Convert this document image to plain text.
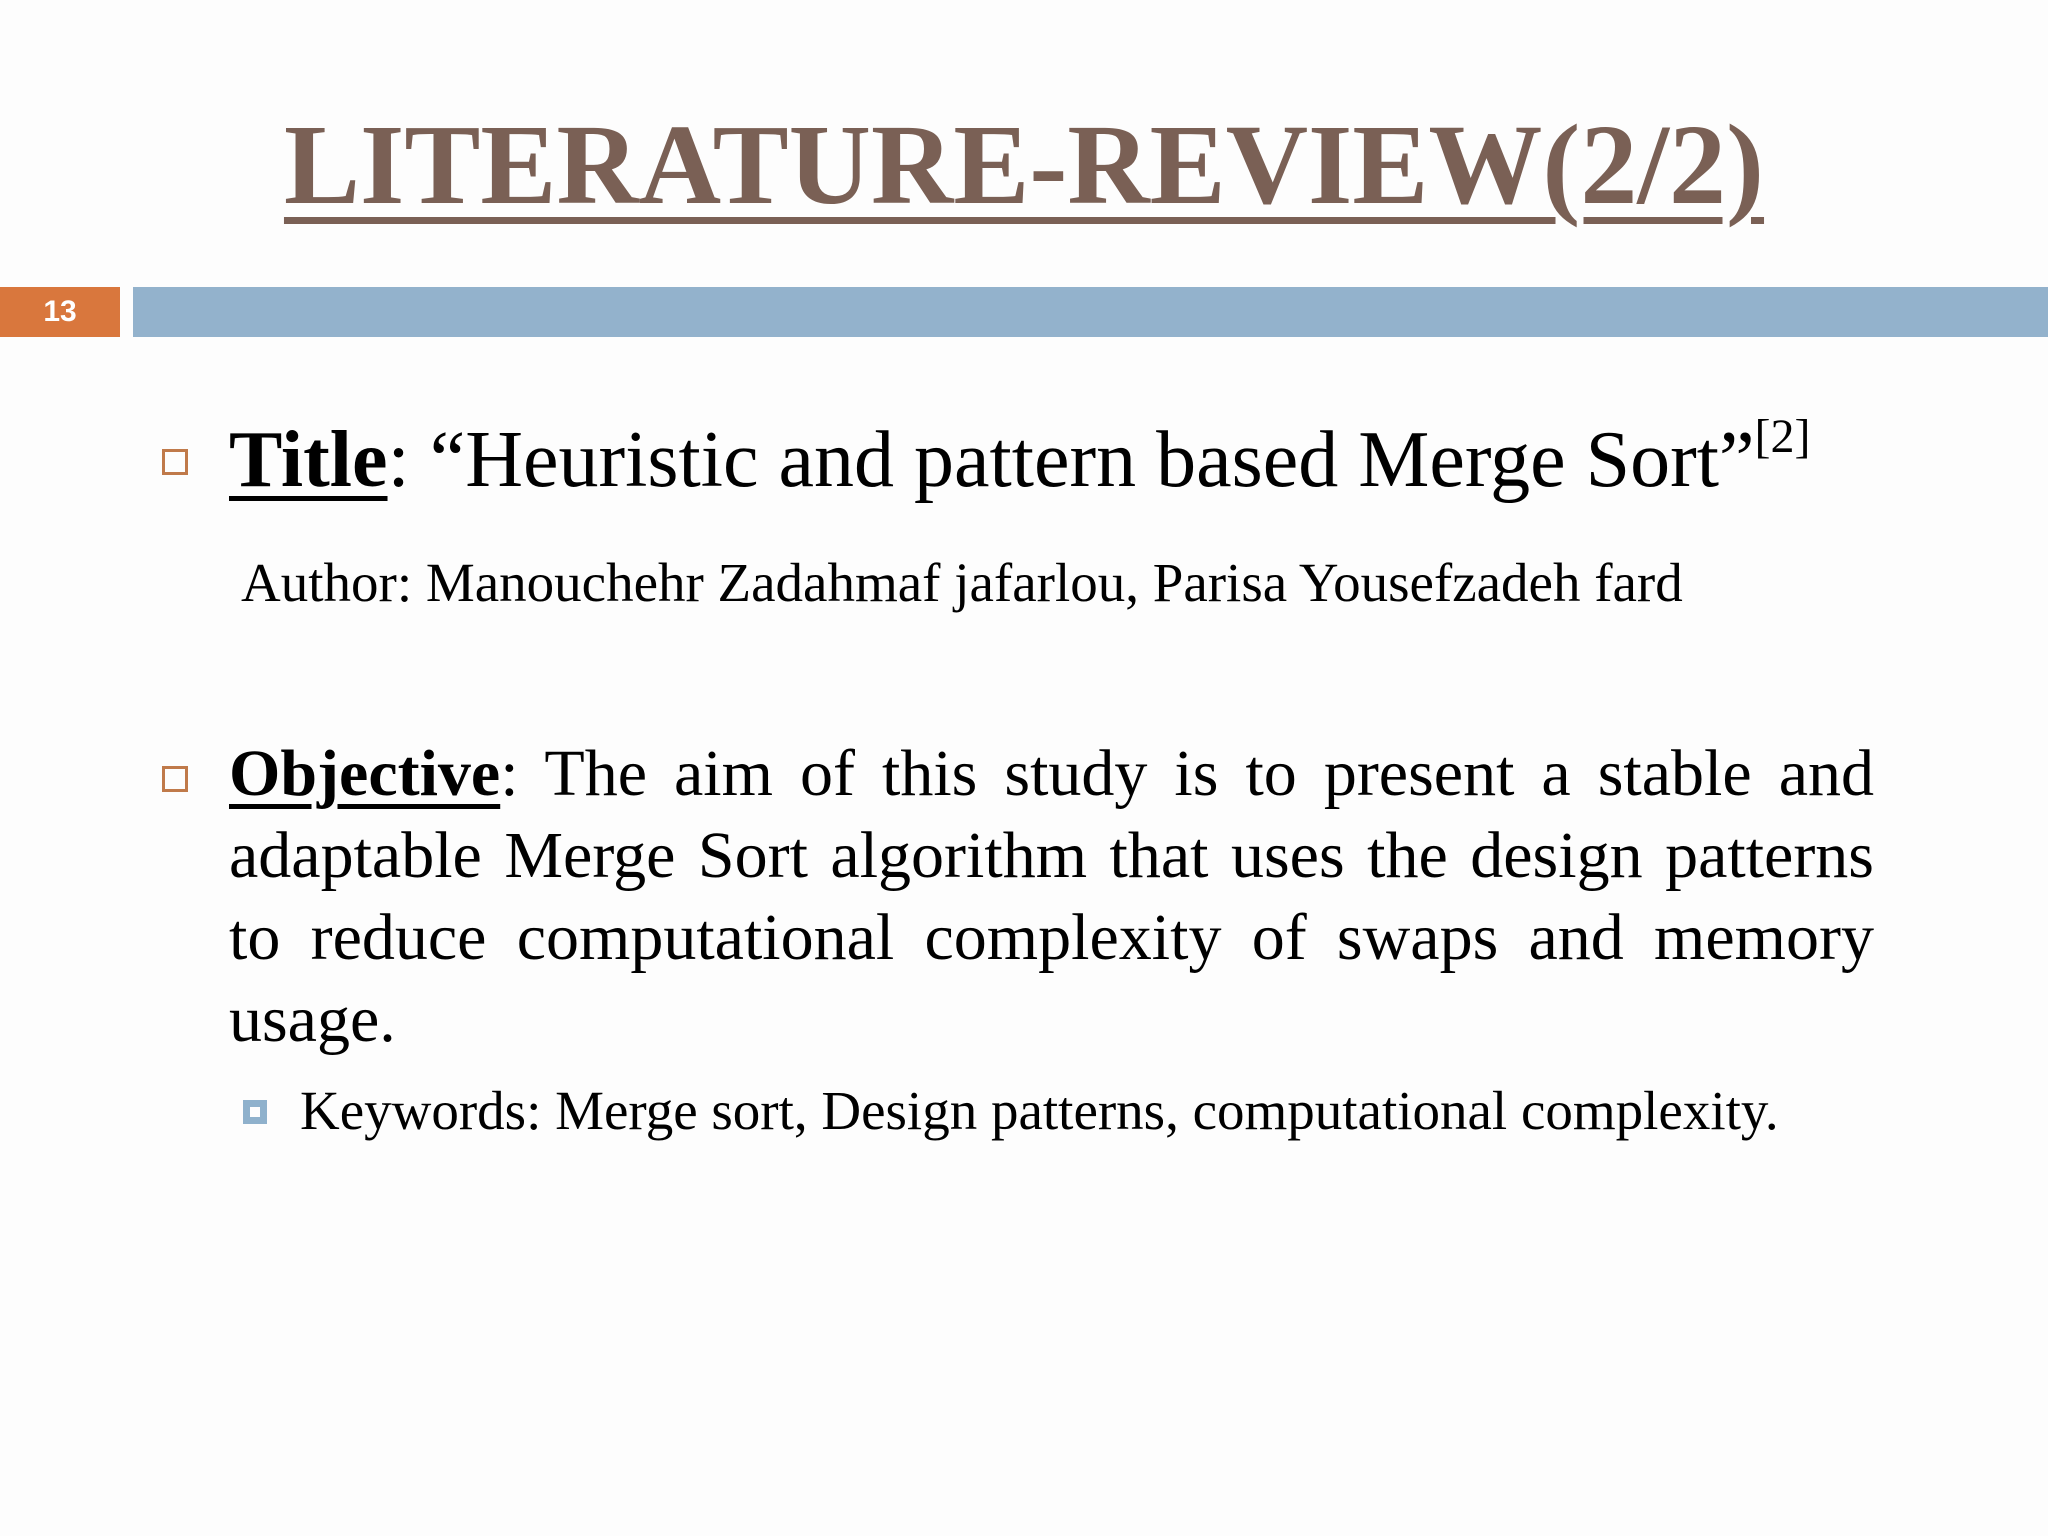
LITERATURE-REVIEW(2/2)
13
Title: “Heuristic and pattern based Merge Sort”[2]
Author: Manouchehr Zadahmaf jafarlou, Parisa Yousefzadeh fard
Objective: The aim of this study is to present a stable and adaptable Merge Sort algorithm that uses the design patterns to reduce computational complexity of swaps and memory usage.
Keywords: Merge sort, Design patterns, computational complexity.
